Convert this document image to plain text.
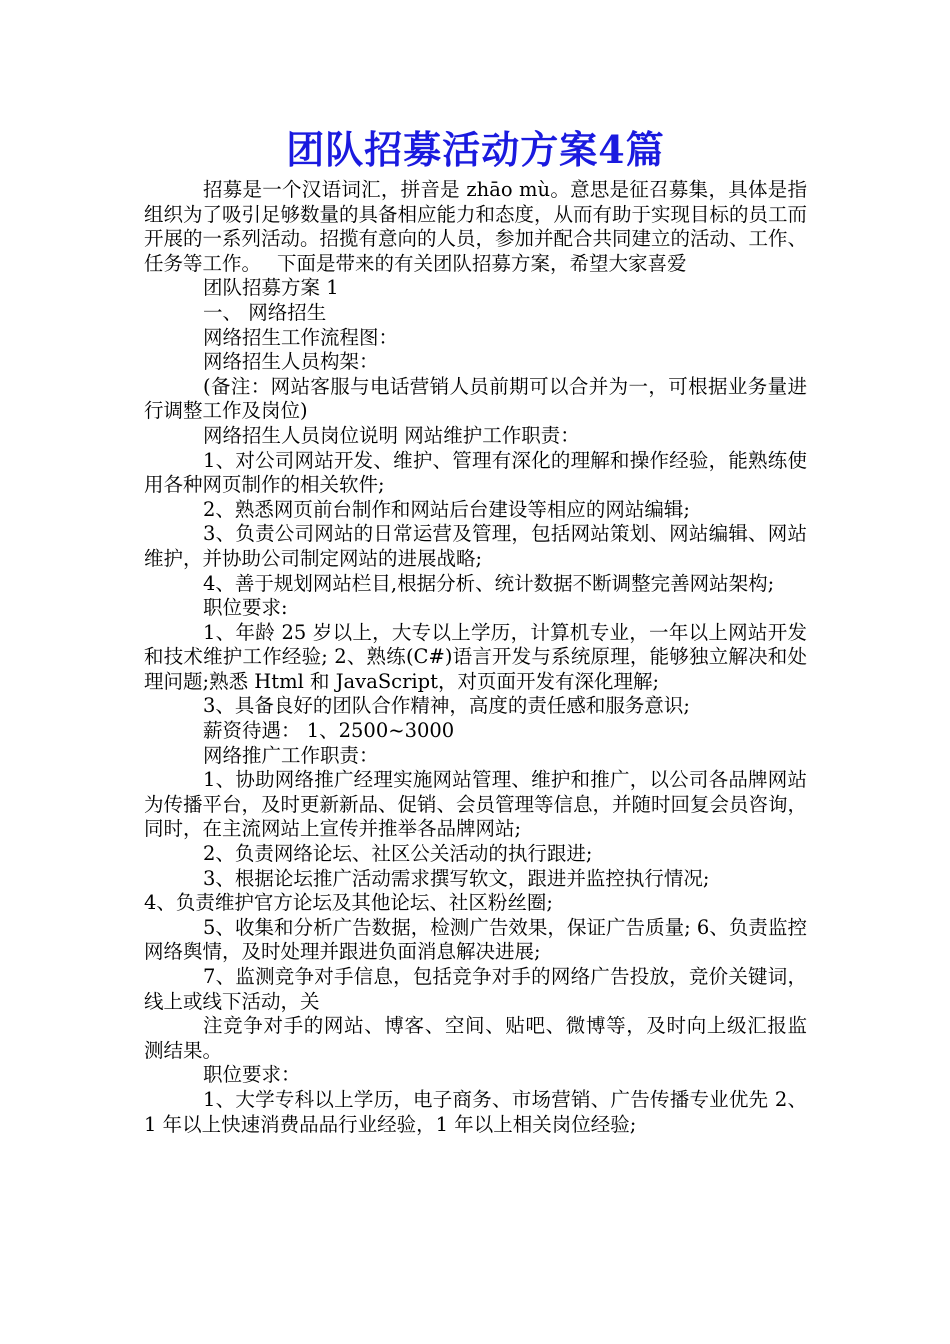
团队招募活动方案4篇

招募是一个汉语词汇，拼音是 zhāo mù。意思是征召募集，具体是指组织为了吸引足够数量的具备相应能力和态度，从而有助于实现目标的员工而开展的一系列活动。招揽有意向的人员，参加并配合共同建立的活动、工作、任务等工作。　 下面是带来的有关团队招募方案，希望大家喜爱

团队招募方案 1

一、 网络招生

网络招生工作流程图：

网络招生人员构架：

(备注：网站客服与电话营销人员前期可以合并为一，可根据业务量进行调整工作及岗位)

网络招生人员岗位说明 网站维护工作职责：

1、对公司网站开发、维护、管理有深化的理解和操作经验，能熟练使用各种网页制作的相关软件;

2、熟悉网页前台制作和网站后台建设等相应的网站编辑;

3、负责公司网站的日常运营及管理，包括网站策划、网站编辑、网站维护，并协助公司制定网站的进展战略;

4、善于规划网站栏目,根据分析、统计数据不断调整完善网站架构;

职位要求:

1、年龄 25 岁以上，大专以上学历，计算机专业，一年以上网站开发和技术维护工作经验; 2、熟练(C#)语言开发与系统原理，能够独立解决和处理问题;熟悉 Html 和 JavaScript，对页面开发有深化理解;

3、具备良好的团队合作精神，高度的责任感和服务意识;

薪资待遇： 1、2500~3000

网络推广工作职责：

1、协助网络推广经理实施网站管理、维护和推广，以公司各品牌网站为传播平台，及时更新新品、促销、会员管理等信息，并随时回复会员咨询，同时，在主流网站上宣传并推举各品牌网站;

2、负责网络论坛、社区公关活动的执行跟进;

3、根据论坛推广活动需求撰写软文，跟进并监控执行情况;

4、负责维护官方论坛及其他论坛、社区粉丝圈;

5、收集和分析广告数据，检测广告效果，保证广告质量; 6、负责监控网络舆情，及时处理并跟进负面消息解决进展;

7、监测竞争对手信息，包括竞争对手的网络广告投放，竞价关键词，线上或线下活动，关

注竞争对手的网站、博客、空间、贴吧、微博等，及时向上级汇报监测结果。

职位要求：

1、大学专科以上学历，电子商务、市场营销、广告传播专业优先 2、1 年以上快速消费品品行业经验，1 年以上相关岗位经验;
